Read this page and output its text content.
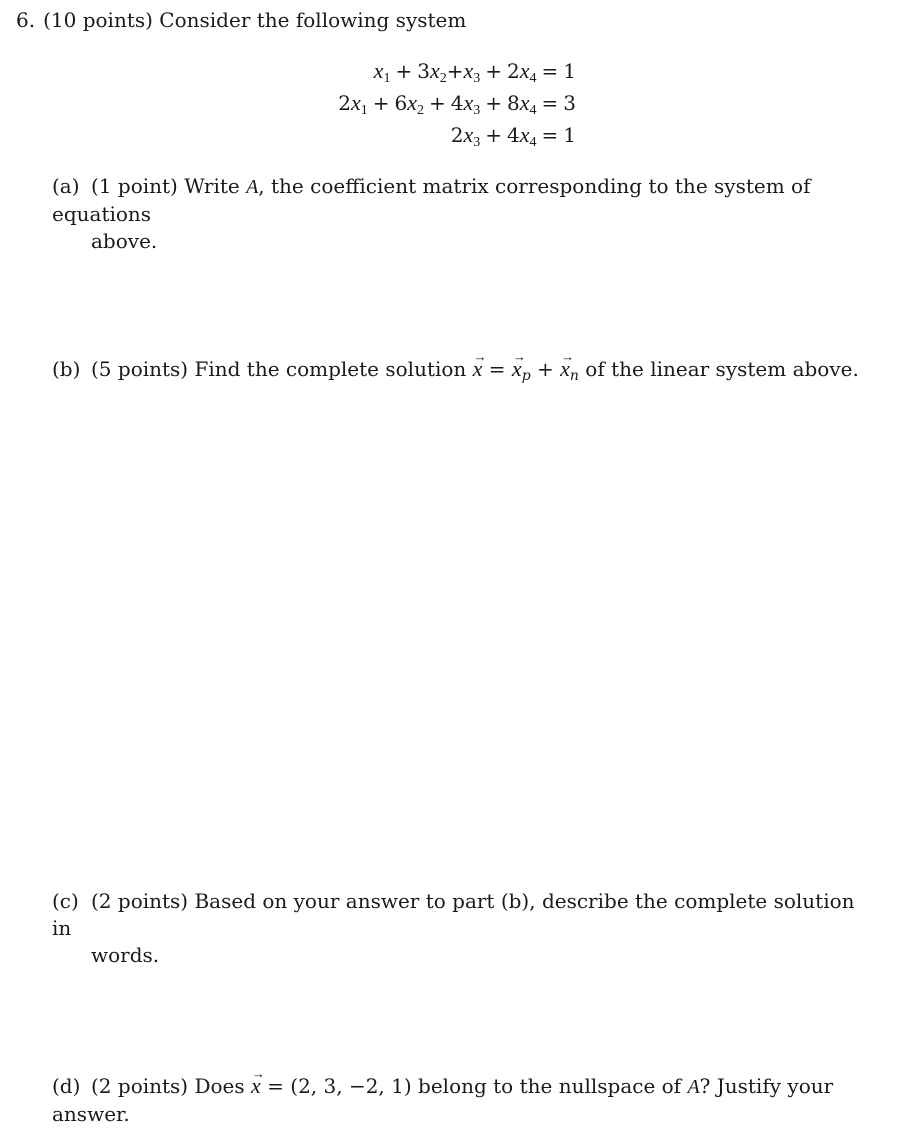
6. (10 points) Consider the following system
$x_1 + 3x_2+x_3 + 2x_4 = 1$
$2x_1 + 6x_2 + 4x_3 + 8x_4 = 3$
$2x_3 + 4x_4 = 1$
(a) (1 point) Write A, the coefficient matrix corresponding to the system of equations
above.
(b) (5 points) Find the complete solution → x = → $x_p$ + → $x_n$ of the linear system above.
(c) (2 points) Based on your answer to part (b), describe the complete solution in
words.
(d) (2 points) Does → x = (2, 3, −2, 1) belong to the nullspace of A? Justify your answer.
